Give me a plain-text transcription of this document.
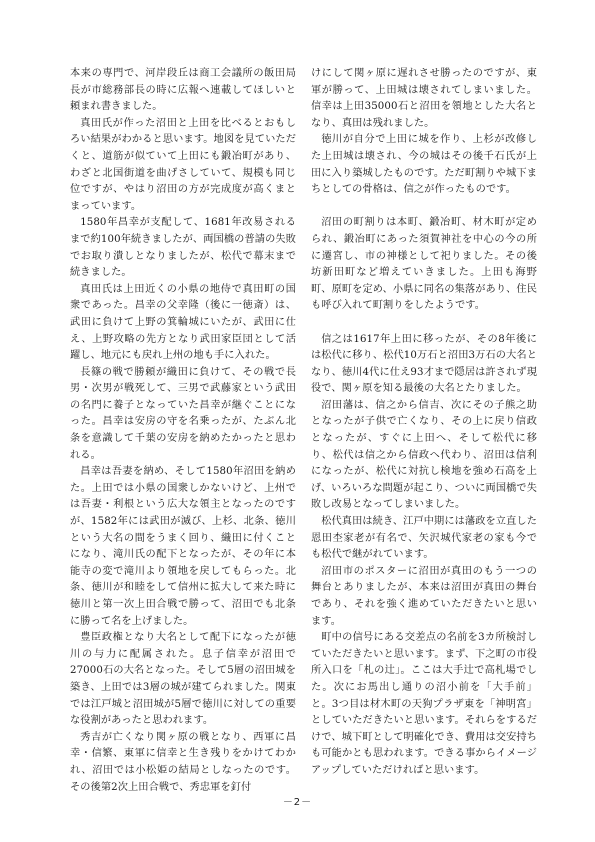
本来の専門で、河岸段丘は商工会議所の飯田局長が市総務部長の時に広報へ連載してほしいと頼まれ書きました。

真田氏が作った沼田と上田を比べるとおもしろい結果がわかると思います。地図を見ていただくと、道筋が似ていて上田にも鍛冶町があり、わざと北国街道を曲げさしていて、規模も同じ位ですが、やはり沼田の方が完成度が高くまとまっています。

1580年昌幸が支配して、1681年改易されるまで約100年続きましたが、両国橋の普請の失敗でお取り潰しとなりましたが、松代で幕末まで続きました。

真田氏は上田近くの小県の地侍で真田町の国衆であった。昌幸の父幸隆（後に一徳斎）は、武田に負けて上野の箕輪城にいたが、武田に仕え、上野攻略の先方となり武田家臣団として活躍し、地元にも戻れ上州の地も手に入れた。

長篠の戦で勝頼が織田に負けて、その戦で長男・次男が戦死して、三男で武藤家という武田の名門に養子となっていた昌幸が継ぐことになった。昌幸は安房の守を名乗ったが、たぶん北条を意識して千葉の安房を納めたかったと思われる。

昌幸は吾妻を納め、そして1580年沼田を納めた。上田では小県の国衆しかないけど、上州では吾妻・利根という広大な領主となったのですが、1582年には武田が滅び、上杉、北条、徳川という大名の間をうまく回り、織田に付くことになり、滝川氏の配下となったが、その年に本能寺の変で滝川より領地を戻してもらった。北条、徳川が和睦をして信州に拡大して来た時に徳川と第一次上田合戦で勝って、沼田でも北条に勝って名を上げました。

豊臣政権となり大名として配下になったが徳川の与力に配属された。息子信幸が沼田で27000石の大名となった。そして5層の沼田城を築き、上田では3層の城が建てられました。関東では江戸城と沼田城が5層で徳川に対しての重要な役割があったと思われます。

秀吉が亡くなり関ヶ原の戦となり、西軍に昌幸・信繁、東軍に信幸と生き残りをかけてわかれ、沼田では小松姫の結局としなったのです。その後第2次上田合戦で、秀忠軍を釘付

けにして関ヶ原に遅れさせ勝ったのですが、東軍が勝って、上田城は壊されてしまいました。信幸は上田35000石と沼田を領地とした大名となり、真田は残れました。

徳川が自分で上田に城を作り、上杉が改修した上田城は壊され、今の城はその後千石氏が上田に入り築城したものです。ただ町割りや城下まちとしての骨格は、信之が作ったものです。

沼田の町割りは本町、鍛冶町、材木町が定められ、鍛冶町にあった須賀神社を中心の今の所に遷宮し、市の神様として祀りました。その後坊新田町など増えていきました。上田も海野町、原町を定め、小県に同名の集落があり、住民も呼び入れて町割りをしたようです。

信之は1617年上田に移ったが、その8年後には松代に移り、松代10万石と沼田3万石の大名となり、徳川4代に仕え93才まで隠居は許されず現役で、関ヶ原を知る最後の大名とたりました。

沼田藩は、信之から信吉、次にその子熊之助となったが子供で亡くなり、その上に戻り信政となったが、すぐに上田へ、そして松代に移り、松代は信之から信政へ代わり、沼田は信利になったが、松代に対抗し検地を強め石高を上げ、いろいろな問題が起こり、ついに両国橋で失敗し改易となってしまいました。

松代真田は続き、江戸中期には藩政を立直した恩田杢家老が有名で、矢沢城代家老の家も今でも松代で継がれています。

沼田市のポスターに沼田が真田のもう一つの舞台とありましたが、本来は沼田が真田の舞台であり、それを強く進めていただきたいと思います。

町中の信号にある交差点の名前を3カ所検討していただきたいと思います。まず、下之町の市役所入口を「札の辻」。ここは大手辻で高札場でした。次にお馬出し通りの沼小前を「大手前」と。3つ目は材木町の天狗プラザ東を「神明宮」としていただきたいと思います。それらをするだけで、城下町として明確化でき、費用は交安持ちも可能かとも思われます。できる事からイメージアップしていただければと思います。

－2－
